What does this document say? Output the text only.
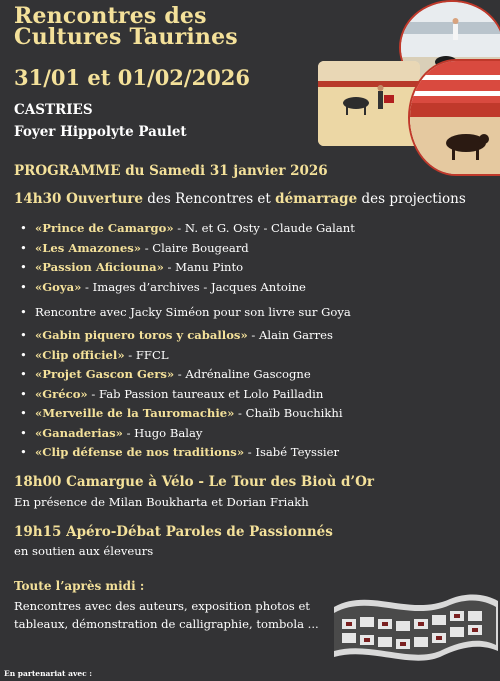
Rencontres des
Cultures Taurines
31/01 et 01/02/2026
CASTRIES
Foyer Hippolyte Paulet
PROGRAMME du Samedi 31 janvier 2026
14h30 Ouverture des Rencontres et démarrage des projections
• «Prince de Camargo» - N. et G. Osty - Claude Galant
• «Les Amazones» - Claire Bougeard
• «Passion Aficiouna» - Manu Pinto
• «Goya» - Images d’archives - Jacques Antoine
• Rencontre avec Jacky Siméon pour son livre sur Goya
• «Gabin piquero toros y caballos» - Alain Garres
• «Clip officiel» - FFCL
• «Projet Gascon Gers» - Adrénaline Gascogne
• «Gréco» - Fab Passion taureaux et Lolo Pailladin
• «Merveille de la Tauromachie» - Chaïb Bouchikhi
• «Ganaderias» - Hugo Balay
• «Clip défense de nos traditions» - Isabé Teyssier
18h00 Camargue à Vélo - Le Tour des Bioù d’Or
En présence de Milan Boukharta et Dorian Friakh
19h15 Apéro-Débat Paroles de Passionnés
en soutien aux éleveurs
Toute l’après midi :
Rencontres avec des auteurs, exposition photos et tableaux, démonstration de calligraphie, tombola ...
En partenariat avec :
